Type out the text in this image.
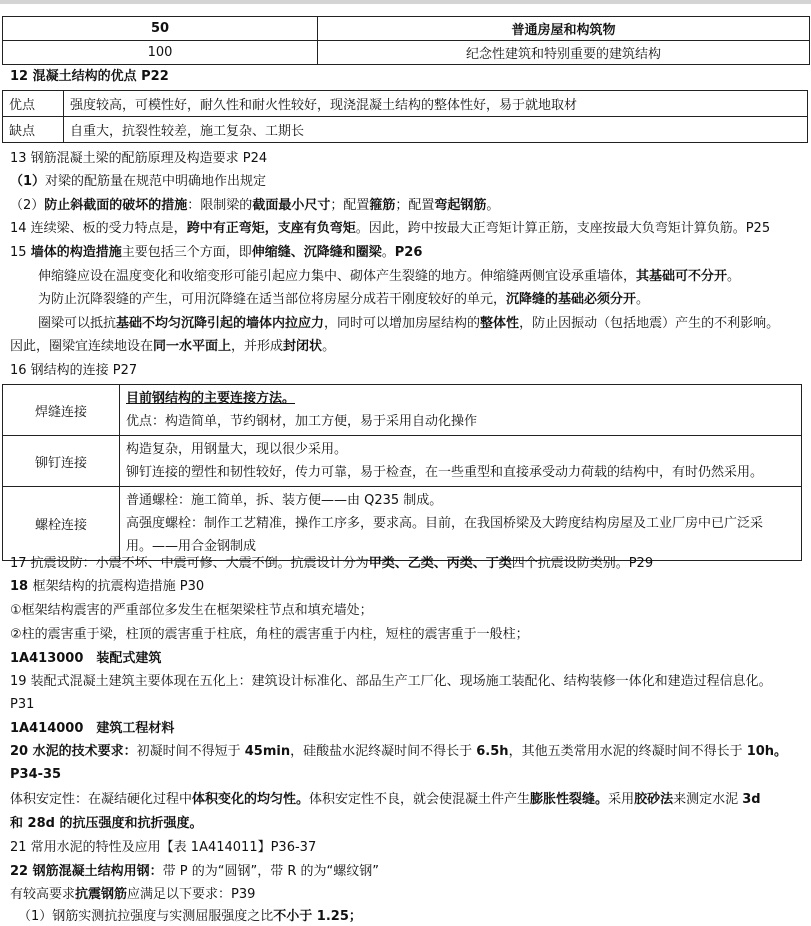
50	普通房屋和构筑物
100	纪念性建筑和特别重要的建筑结构
12 混凝土结构的优点 P22
优点	强度较高，可模性好，耐久性和耐火性较好，现浇混凝土结构的整体性好，易于就地取材
缺点	自重大，抗裂性较差，施工复杂、工期长
13 钢筋混凝土梁的配筋原理及构造要求 P24
（1）对梁的配筋量在规范中明确地作出规定
（2）防止斜截面的破坏的措施：限制梁的截面最小尺寸；配置箍筋；配置弯起钢筋。
14 连续梁、板的受力特点是，跨中有正弯矩，支座有负弯矩。因此，跨中按最大正弯矩计算正筋，支座按最大负弯矩计算负筋。P25
15 墙体的构造措施主要包括三个方面，即伸缩缝、沉降缝和圈梁。P26
伸缩缝应设在温度变化和收缩变形可能引起应力集中、砌体产生裂缝的地方。伸缩缝两侧宜设承重墙体，其基础可不分开。
为防止沉降裂缝的产生，可用沉降缝在适当部位将房屋分成若干刚度较好的单元，沉降缝的基础必须分开。
圈梁可以抵抗基础不均匀沉降引起的墙体内拉应力，同时可以增加房屋结构的整体性，防止因振动（包括地震）产生的不利影响。
因此，圈梁宜连续地设在同一水平面上，并形成封闭状。
16 钢结构的连接 P27
焊缝连接	目前钢结构的主要连接方法。
优点：构造简单，节约钢材，加工方便，易于采用自动化操作

铆钉连接	构造复杂，用钢量大，现以很少采用。
铆钉连接的塑性和韧性较好，传力可靠，易于检查，在一些重型和直接承受动力荷载的结构中，有时仍然采用。

螺栓连接	普通螺栓：施工简单，拆、装方便——由 Q235 制成。
高强度螺栓：制作工艺精准，操作工序多，要求高。目前，在我国桥梁及大跨度结构房屋及工业厂房中已广泛采
用。——用合金钢制成
17 抗震设防：小震不坏、中震可修、大震不倒。抗震设计分为甲类、乙类、丙类、丁类四个抗震设防类别。P29
18 框架结构的抗震构造措施 P30
①框架结构震害的严重部位多发生在框架梁柱节点和填充墙处；
②柱的震害重于梁，柱顶的震害重于柱底，角柱的震害重于内柱，短柱的震害重于一般柱；
1A413000　装配式建筑
19 装配式混凝土建筑主要体现在五化上：建筑设计标准化、部品生产工厂化、现场施工装配化、结构装修一体化和建造过程信息化。
P31
1A414000　建筑工程材料
20 水泥的技术要求：初凝时间不得短于 45min，硅酸盐水泥终凝时间不得长于 6.5h，其他五类常用水泥的终凝时间不得长于 10h。
P34-35
体积安定性：在凝结硬化过程中体积变化的均匀性。体积安定性不良，就会使混凝土件产生膨胀性裂缝。采用胶砂法来测定水泥 3d
和 28d 的抗压强度和抗折强度。
21 常用水泥的特性及应用【表 1A414011】P36-37
22 钢筋混凝土结构用钢：带 P 的为“圆钢”，带 R 的为“螺纹钢”
有较高要求抗震钢筋应满足以下要求：P39
（1）钢筋实测抗拉强度与实测屈服强度之比不小于 1.25；
